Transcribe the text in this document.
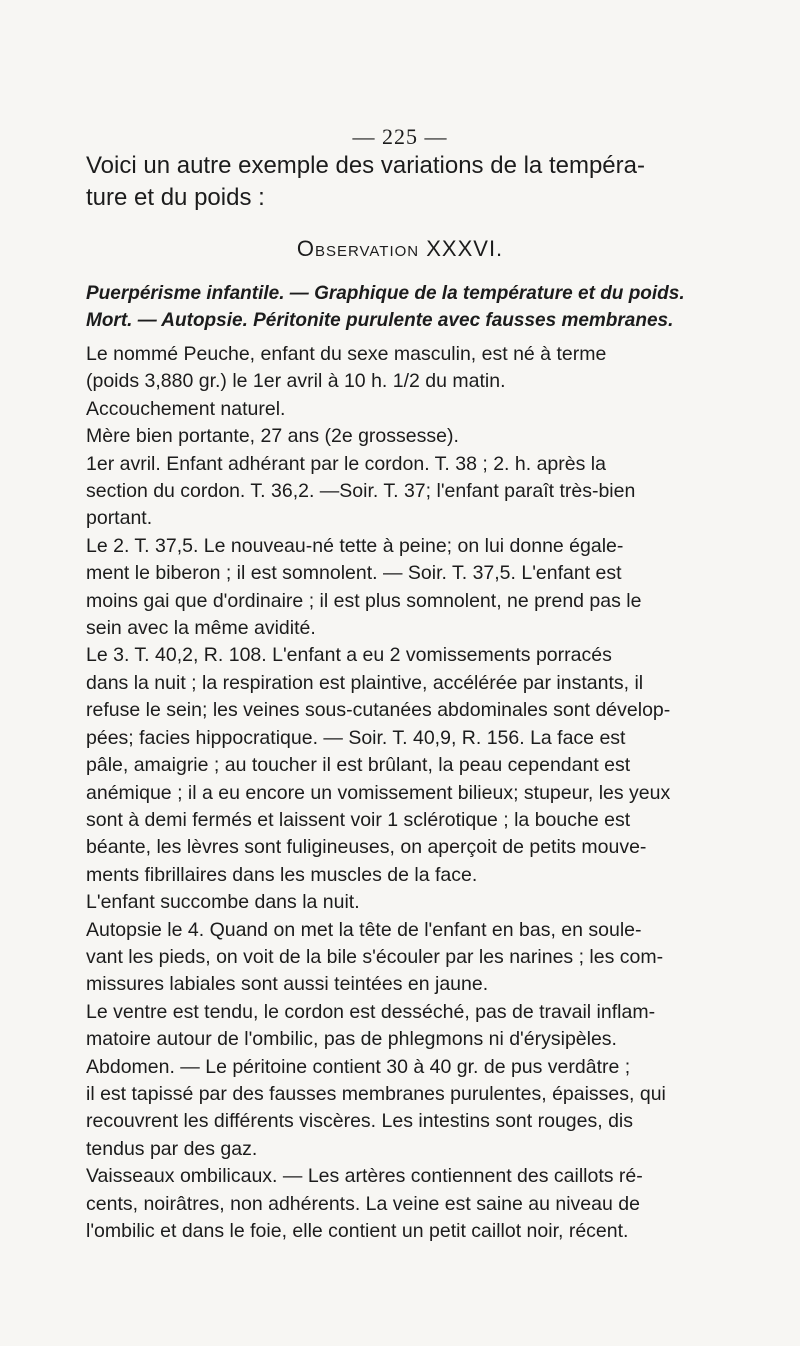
— 225 —
Voici un autre exemple des variations de la tempéra-
ture et du poids :
Observation XXXVI.
Puerpérisme infantile. — Graphique de la température et du poids.
Mort. — Autopsie. Péritonite purulente avec fausses membranes.
Le nommé Peuche, enfant du sexe masculin, est né à terme
(poids 3,880 gr.) le 1er avril à 10 h. 1/2 du matin.
Accouchement naturel.
Mère bien portante, 27 ans (2e grossesse).
1er avril. Enfant adhérant par le cordon. T. 38 ; 2. h. après la
section du cordon. T. 36,2. —Soir. T. 37; l'enfant paraît très-bien
portant.
Le 2. T. 37,5. Le nouveau-né tette à peine; on lui donne égale-
ment le biberon ; il est somnolent. — Soir. T. 37,5. L'enfant est
moins gai que d'ordinaire ; il est plus somnolent, ne prend pas le
sein avec la même avidité.
Le 3. T. 40,2, R. 108. L'enfant a eu 2 vomissements porracés
dans la nuit ; la respiration est plaintive, accélérée par instants, il
refuse le sein; les veines sous-cutanées abdominales sont dévelop-
pées; facies hippocratique. — Soir. T. 40,9, R. 156. La face est
pâle, amaigrie ; au toucher il est brûlant, la peau cependant est
anémique ; il a eu encore un vomissement bilieux; stupeur, les yeux
sont à demi fermés et laissent voir 1 sclérotique ; la bouche est
béante, les lèvres sont fuligineuses, on aperçoit de petits mouve-
ments fibrillaires dans les muscles de la face.
L'enfant succombe dans la nuit.
Autopsie le 4. Quand on met la tête de l'enfant en bas, en soule-
vant les pieds, on voit de la bile s'écouler par les narines ; les com-
missures labiales sont aussi teintées en jaune.
Le ventre est tendu, le cordon est desséché, pas de travail inflam-
matoire autour de l'ombilic, pas de phlegmons ni d'érysipèles.
Abdomen. — Le péritoine contient 30 à 40 gr. de pus verdâtre ;
il est tapissé par des fausses membranes purulentes, épaisses, qui
recouvrent les différents viscères. Les intestins sont rouges, dis
tendus par des gaz.
Vaisseaux ombilicaux. — Les artères contiennent des caillots ré-
cents, noirâtres, non adhérents. La veine est saine au niveau de
l'ombilic et dans le foie, elle contient un petit caillot noir, récent.
